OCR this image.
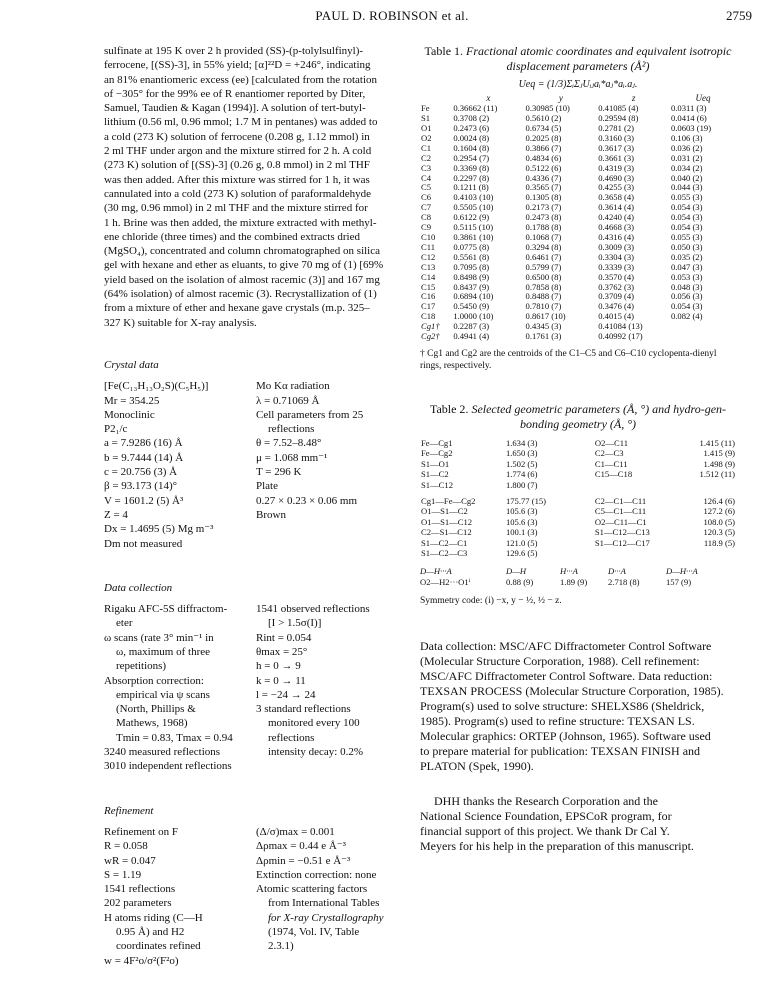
PAUL D. ROBINSON et al.	2759
sulfinate at 195 K over 2 h provided (SS)-(p-tolylsulfinyl)-
ferrocene, [(SS)-3], in 55% yield; [α]²²D = +246°, indicating
an 81% enantiomeric excess (ee) [calculated from the rotation
of −305° for the 99% ee of R enantiomer reported by Diter,
Samuel, Taudien & Kagan (1994)]. A solution of tert-butyl-
lithium (0.56 ml, 0.96 mmol; 1.7 M in pentanes) was added to
a cold (273 K) solution of ferrocene (0.208 g, 1.12 mmol) in
2 ml THF under argon and the mixture stirred for 2 h. A cold
(273 K) solution of [(SS)-3] (0.26 g, 0.8 mmol) in 2 ml THF
was then added. After this mixture was stirred for 1 h, it was
cannulated into a cold (273 K) solution of paraformaldehyde
(30 mg, 0.96 mmol) in 2 ml THF and the mixture stirred for
1 h. Brine was then added, the mixture extracted with methyl-
ene chloride (three times) and the combined extracts dried
(MgSO₄), concentrated and column chromatographed on silica
gel with hexane and ether as eluants, to give 70 mg of (1) [69%
yield based on the isolation of almost racemic (3)] and 167 mg
(64% isolation) of almost racemic (3). Recrystallization of (1)
from a mixture of ether and hexane gave crystals (m.p. 325–
327 K) suitable for X-ray analysis.
Crystal data
[Fe(C₁₃H₁₃O₂S)(C₅H₅)]
Mr = 354.25
Monoclinic
P2₁/c
a = 7.9286 (16) Å
b = 9.7444 (14) Å
c = 20.756 (3) Å
β = 93.173 (14)°
V = 1601.2 (5) Å³
Z = 4
Dx = 1.4695 (5) Mg m⁻³
Dm not measured
Mo Kα radiation
λ = 0.71069 Å
Cell parameters from 25
reflections
θ = 7.52–8.48°
μ = 1.068 mm⁻¹
T = 296 K
Plate
0.27 × 0.23 × 0.06 mm
Brown
Data collection
Rigaku AFC-5S diffractom-
eter
ω scans (rate 3° min⁻¹ in
ω, maximum of three
repetitions)
Absorption correction:
empirical via ψ scans
(North, Phillips &
Mathews, 1968)
Tmin = 0.83, Tmax = 0.94
3240 measured reflections
3010 independent reflections
1541 observed reflections
[I > 1.5σ(I)]
Rint = 0.054
θmax = 25°
h = 0 → 9
k = 0 → 11
l = −24 → 24
3 standard reflections
monitored every 100
reflections
intensity decay: 0.2%
Refinement
Refinement on F
R = 0.058
wR = 0.047
S = 1.19
1541 reflections
202 parameters
H atoms riding (C—H
0.95 Å) and H2
coordinates refined
w = 4F²o/σ²(F²o)
(Δ/σ)max = 0.001
Δρmax = 0.44 e Å⁻³
Δρmin = −0.51 e Å⁻³
Extinction correction: none
Atomic scattering factors
from International Tables
for X-ray Crystallography
(1974, Vol. IV, Table
2.3.1)
Table 1. Fractional atomic coordinates and equivalent isotropic displacement parameters (Å²)
Ueq = (1/3)ΣᵢΣⱼUᵢⱼaᵢ*aⱼ*aᵢ.aⱼ.
	x	y	z	Ueq
Fe	0.36662 (11)	0.30985 (10)	0.41085 (4)	0.0311 (3)
S1	0.3708 (2)	0.5610 (2)	0.29594 (8)	0.0414 (6)
O1	0.2473 (6)	0.6734 (5)	0.2781 (2)	0.0603 (19)
O2	0.0024 (8)	0.2025 (8)	0.3160 (3)	0.106 (3)
C1	0.1604 (8)	0.3866 (7)	0.3617 (3)	0.036 (2)
C2	0.2954 (7)	0.4834 (6)	0.3661 (3)	0.031 (2)
C3	0.3369 (8)	0.5122 (6)	0.4319 (3)	0.034 (2)
C4	0.2297 (8)	0.4336 (7)	0.4690 (3)	0.040 (2)
C5	0.1211 (8)	0.3565 (7)	0.4255 (3)	0.044 (3)
C6	0.4103 (10)	0.1305 (8)	0.3658 (4)	0.055 (3)
C7	0.5505 (10)	0.2173 (7)	0.3614 (4)	0.054 (3)
C8	0.6122 (9)	0.2473 (8)	0.4240 (4)	0.054 (3)
C9	0.5115 (10)	0.1788 (8)	0.4668 (3)	0.054 (3)
C10	0.3861 (10)	0.1068 (7)	0.4316 (4)	0.055 (3)
C11	0.0775 (8)	0.3294 (8)	0.3009 (3)	0.050 (3)
C12	0.5561 (8)	0.6461 (7)	0.3304 (3)	0.035 (2)
C13	0.7095 (8)	0.5799 (7)	0.3339 (3)	0.047 (3)
C14	0.8498 (9)	0.6500 (8)	0.3570 (4)	0.053 (3)
C15	0.8437 (9)	0.7858 (8)	0.3762 (3)	0.048 (3)
C16	0.6894 (10)	0.8488 (7)	0.3709 (4)	0.056 (3)
C17	0.5450 (9)	0.7810 (7)	0.3476 (4)	0.054 (3)
C18	1.0000 (10)	0.8617 (10)	0.4015 (4)	0.082 (4)
Cg1†	0.2287 (3)	0.4345 (3)	0.41084 (13)	
Cg2†	0.4941 (4)	0.1761 (3)	0.40992 (17)	
† Cg1 and Cg2 are the centroids of the C1–C5 and C6–C10 cyclopenta-dienyl rings, respectively.
Table 2. Selected geometric parameters (Å, °) and hydro-gen-bonding geometry (Å, °)
Fe—Cg1	1.634 (3)	O2—C11	1.415 (11)
Fe—Cg2	1.650 (3)	C2—C3	1.415 (9)
S1—O1	1.502 (5)	C1—C11	1.498 (9)
S1—C2	1.774 (6)	C15—C18	1.512 (11)
S1—C12	1.800 (7)		
Cg1—Fe—Cg2	175.77 (15)	C2—C1—C11	126.4 (6)
O1—S1—C2	105.6 (3)	C5—C1—C11	127.2 (6)
O1—S1—C12	105.6 (3)	O2—C11—C1	108.0 (5)
C2—S1—C12	100.1 (3)	S1—C12—C13	120.3 (5)
S1—C2—C1	121.0 (5)	S1—C12—C17	118.9 (5)
S1—C2—C3	129.6 (5)		
D—H···A	D—H	H···A	D···A	D—H···A
O2—H2···O1ⁱ	0.88 (9)	1.89 (9)	2.718 (8)	157 (9)
Symmetry code: (i) −x, y − ½, ½ − z.
Data collection: MSC/AFC Diffractometer Control Software
(Molecular Structure Corporation, 1988). Cell refinement:
MSC/AFC Diffractometer Control Software. Data reduction:
TEXSAN PROCESS (Molecular Structure Corporation, 1985).
Program(s) used to solve structure: SHELXS86 (Sheldrick,
1985). Program(s) used to refine structure: TEXSAN LS.
Molecular graphics: ORTEP (Johnson, 1965). Software used
to prepare material for publication: TEXSAN FINISH and
PLATON (Spek, 1990).
DHH thanks the Research Corporation and the
National Science Foundation, EPSCoR program, for
financial support of this project. We thank Dr Cal Y.
Meyers for his help in the preparation of this manuscript.
